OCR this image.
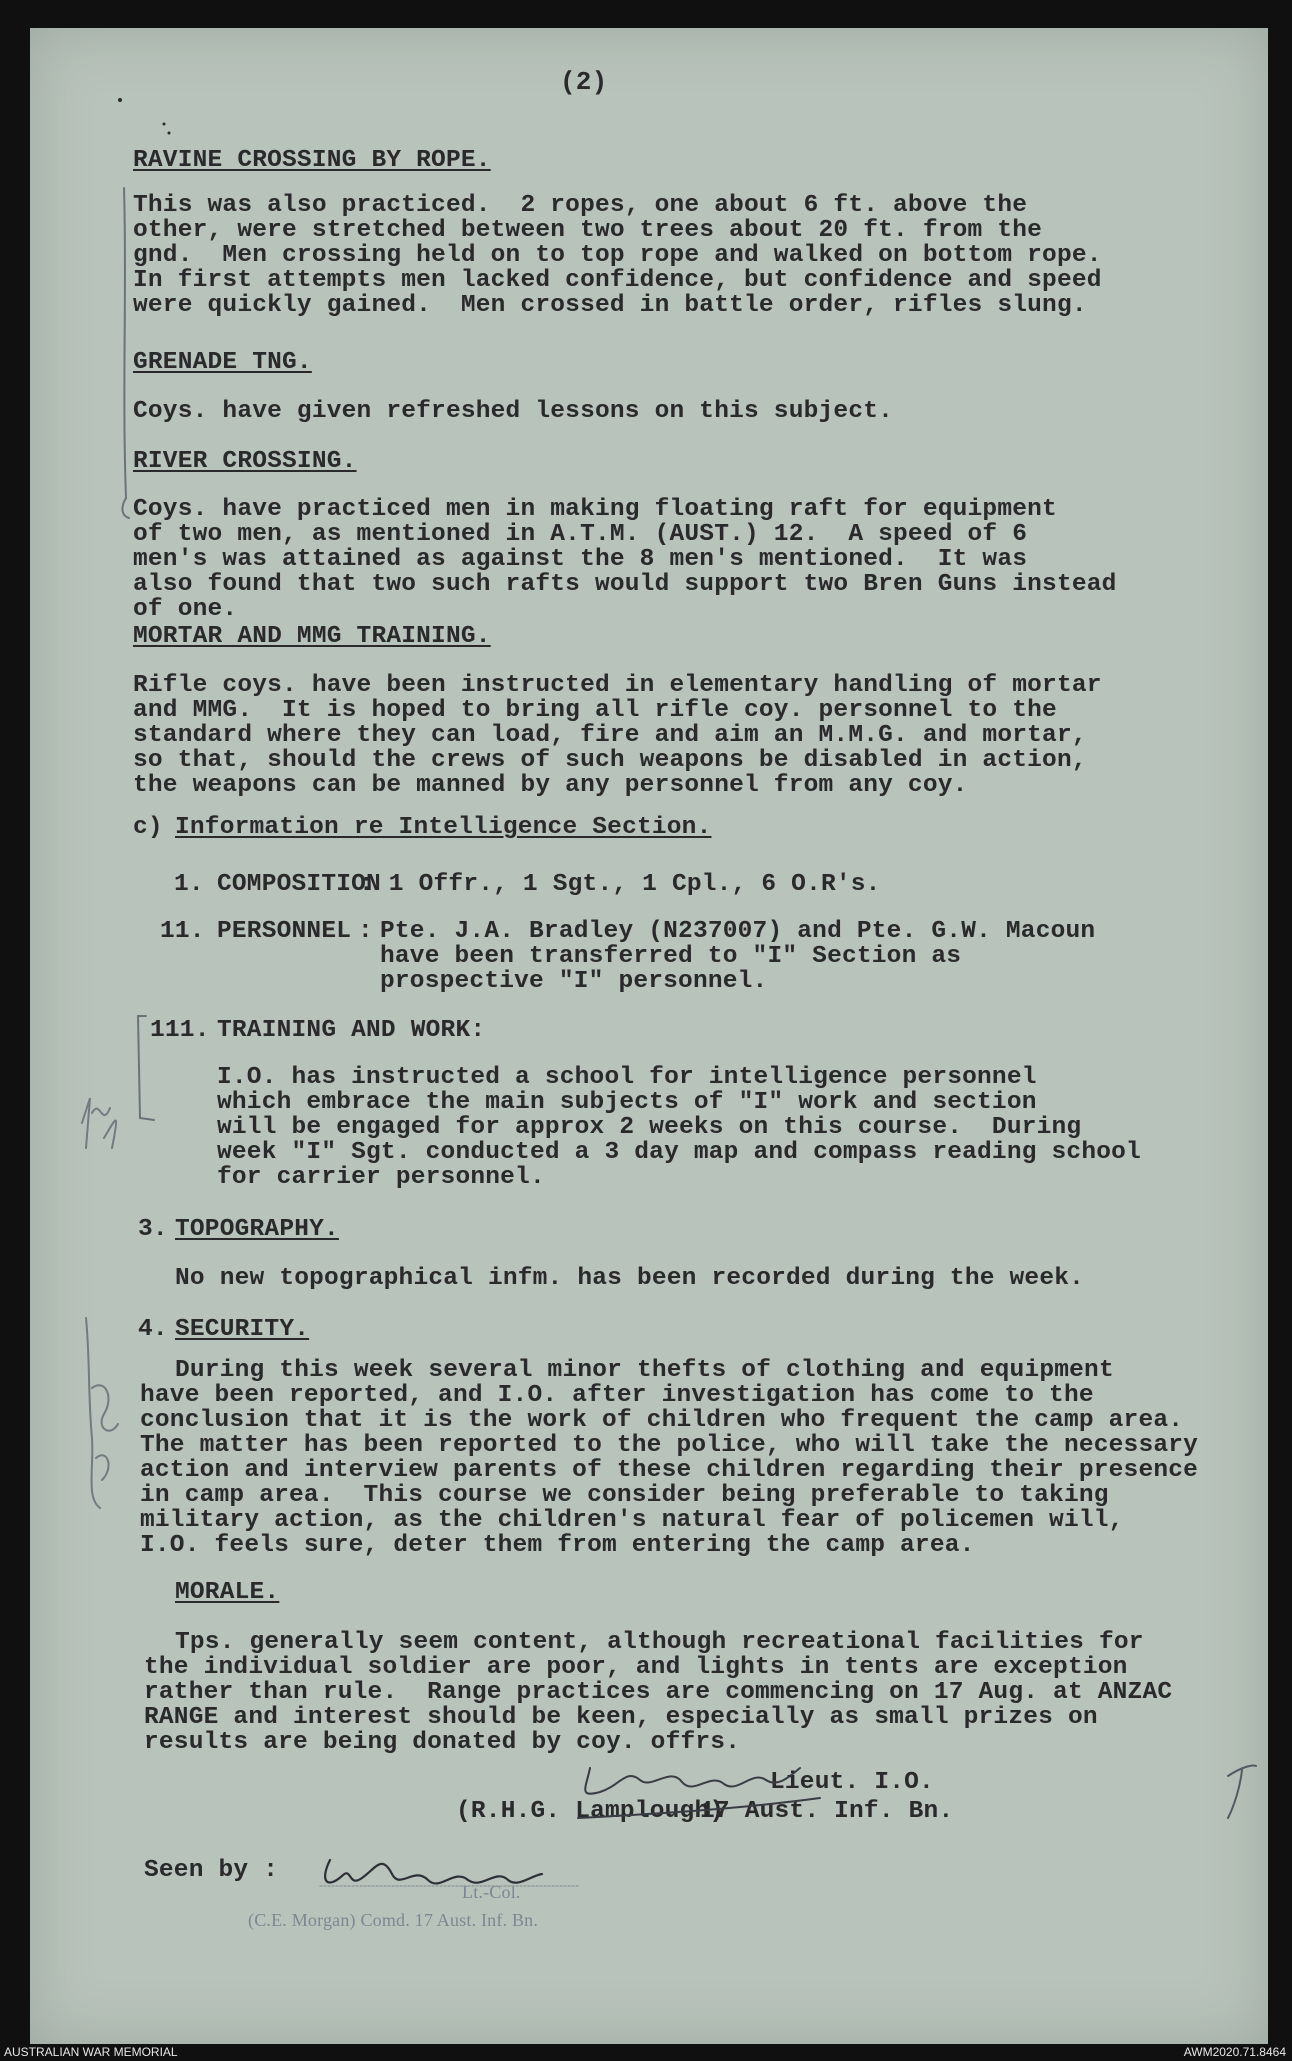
(2)

RAVINE CROSSING BY ROPE.

This was also practiced.  2 ropes, one about 6 ft. above the

other, were stretched between two trees about 20 ft. from the

gnd.  Men crossing held on to top rope and walked on bottom rope.

In first attempts men lacked confidence, but confidence and speed

were quickly gained.  Men crossed in battle order, rifles slung.

GRENADE TNG.

Coys. have given refreshed lessons on this subject.

RIVER CROSSING.

Coys. have practiced men in making floating raft for equipment

of two men, as mentioned in A.T.M. (AUST.) 12.  A speed of 6

men's was attained as against the 8 men's mentioned.  It was

also found that two such rafts would support two Bren Guns instead

of one.

MORTAR AND MMG TRAINING.

Rifle coys. have been instructed in elementary handling of mortar

and MMG.  It is hoped to bring all rifle coy. personnel to the

standard where they can load, fire and aim an M.M.G. and mortar,

so that, should the crews of such weapons be disabled in action,

the weapons can be manned by any personnel from any coy.

c) Information re Intelligence Section.

1. COMPOSITION

: 1 Offr., 1 Sgt., 1 Cpl., 6 O.R's.

11. PERSONNEL : Pte. J.A. Bradley (N237007) and Pte. G.W. Macoun

have been transferred to "I" Section as

prospective "I" personnel.

111. TRAINING AND WORK:

I.O. has instructed a school for intelligence personnel

which embrace the main subjects of "I" work and section

will be engaged for approx 2 weeks on this course.  During

week "I" Sgt. conducted a 3 day map and compass reading school

for carrier personnel.

3. TOPOGRAPHY.

No new topographical infm. has been recorded during the week.

4. SECURITY.

During this week several minor thefts of clothing and equipment

have been reported, and I.O. after investigation has come to the

conclusion that it is the work of children who frequent the camp area.

The matter has been reported to the police, who will take the necessary

action and interview parents of these children regarding their presence

in camp area.  This course we consider being preferable to taking

military action, as the children's natural fear of policemen will,

I.O. feels sure, deter them from entering the camp area.

MORALE.

Tps. generally seem content, although recreational facilities for

the individual soldier are poor, and lights in tents are exception

rather than rule.  Range practices are commencing on 17 Aug. at ANZAC

RANGE and interest should be keen, especially as small prizes on

results are being donated by coy. offrs.

Lieut. I.O.

(R.H.G. Lamplough)

17 Aust. Inf. Bn.

Seen by :

Lt.-Col.

(C.E. Morgan) Comd. 17 Aust. Inf. Bn.

AUSTRALIAN WAR MEMORIAL	AWM2020.71.8464
